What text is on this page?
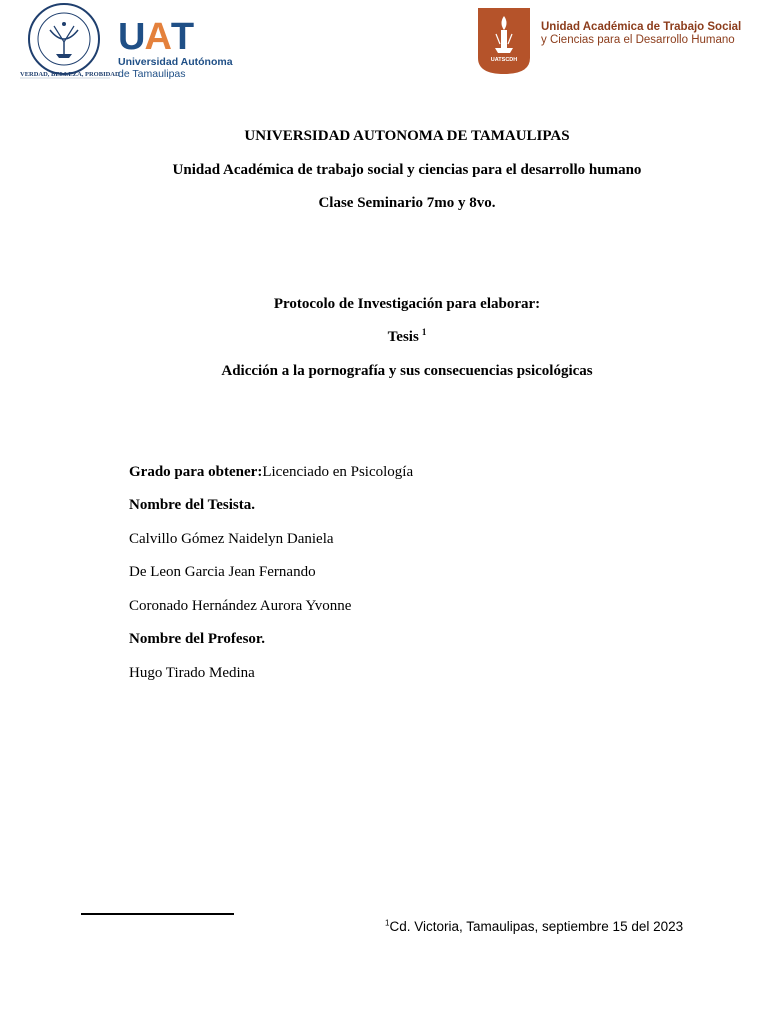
VERDAD, BELLEZA, PROBIDAD
U A T
Universidad Autónoma
de Tamaulipas
UATSCDH
Unidad Académica de Trabajo Social
y Ciencias para el Desarrollo Humano
UNIVERSIDAD AUTONOMA DE TAMAULIPAS
Unidad Académica de trabajo social y ciencias para el desarrollo humano
Clase Seminario 7mo y 8vo.
Protocolo de Investigación para elaborar:
Tesis $^1$
Adicción a la pornografía y sus consecuencias psicológicas
Grado para obtener:Licenciado en Psicología
Nombre del Tesista.
Calvillo Gómez Naidelyn Daniela
De Leon Garcia Jean Fernando
Coronado Hernández Aurora Yvonne
Nombre del Profesor.
Hugo Tirado Medina
$^1$Cd. Victoria, Tamaulipas, septiembre 15 del 2023
